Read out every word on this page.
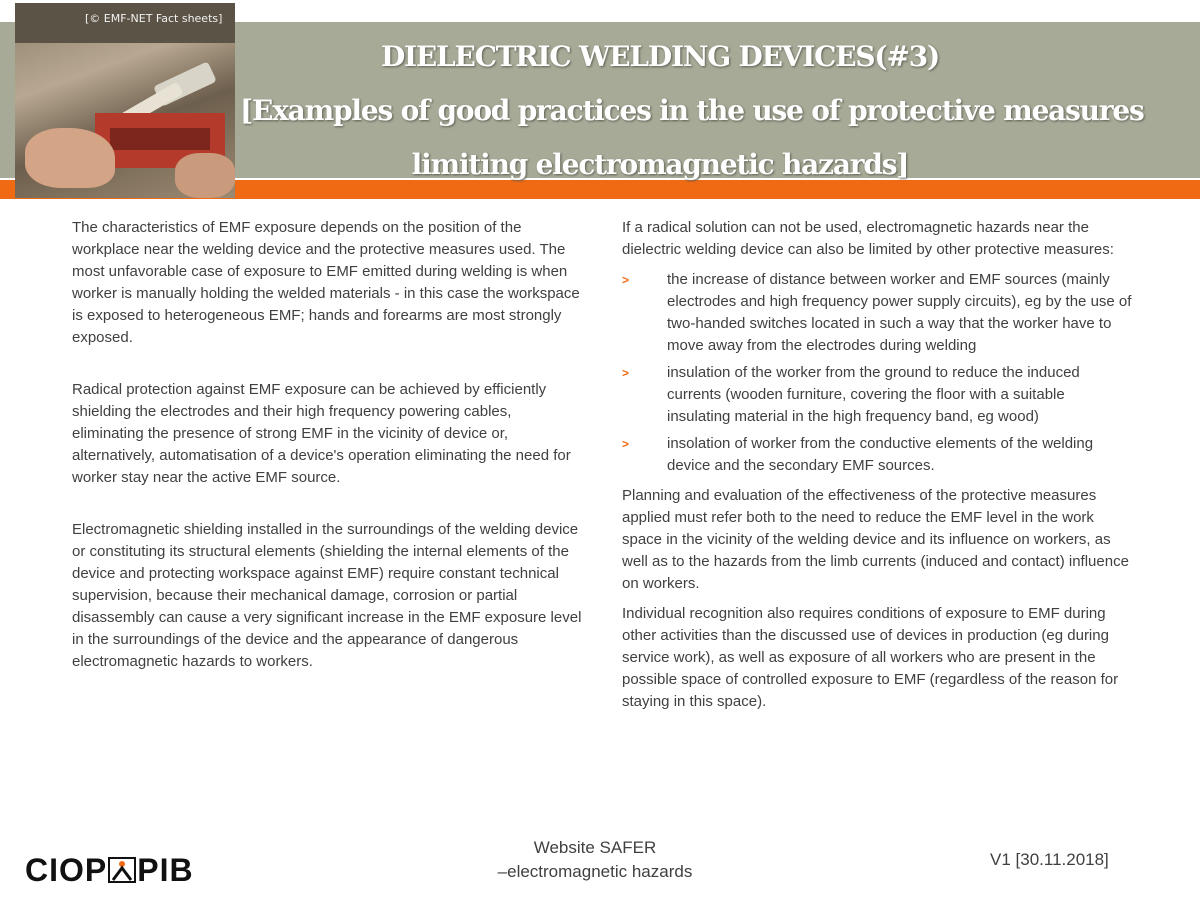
[© EMF-NET Fact sheets]
DIELECTRIC WELDING DEVICES(#3)
[Examples of good practices in the use of protective measures
limiting electromagnetic hazards]

The characteristics of EMF exposure depends on the position of the workplace near the welding device and the protective measures used. The most unfavorable case of exposure to EMF emitted during welding is when worker is manually holding the welded materials - in this case the workspace is exposed to heterogeneous EMF; hands and forearms are most strongly exposed.

Radical protection against EMF exposure can be achieved by efficiently shielding the electrodes and their high frequency powering cables, eliminating the presence of strong EMF in the vicinity of device or, alternatively, automatisation of a device's operation eliminating the need for worker stay near the active EMF source.

Electromagnetic shielding installed in the surroundings of the welding device or constituting its structural elements (shielding the internal elements of the device and protecting workspace against EMF) require constant technical supervision, because their mechanical damage, corrosion or partial disassembly can cause a very significant increase in the EMF exposure level in the surroundings of the device and the appearance of dangerous electromagnetic hazards to workers.

If a radical solution can not be used, electromagnetic hazards near the dielectric welding device can also be limited by other protective measures:

>	the increase of distance between worker and EMF sources (mainly electrodes and high frequency power supply circuits), eg by the use of two-handed switches located in such a way that the worker have to move away from the electrodes during welding
>	insulation of the worker from the ground to reduce the induced currents (wooden furniture, covering the floor with a suitable insulating material in the high frequency band, eg wood)
>	insolation of worker from the conductive elements of the welding device and the secondary EMF sources.

Planning and evaluation of the effectiveness of the protective measures applied must refer both to the need to reduce the EMF level in the work space in the vicinity of the welding device and its influence on workers, as well as to the hazards from the limb currents (induced and contact) influence on workers.

Individual recognition also requires conditions of exposure to EMF during other activities than the discussed use of devices in production (eg during service work), as well as exposure of all workers who are present in the possible space of controlled exposure to EMF (regardless of the reason for staying in this space).

CIOP PIB
Website SAFER
–electromagnetic hazards
V1 [30.11.2018]
